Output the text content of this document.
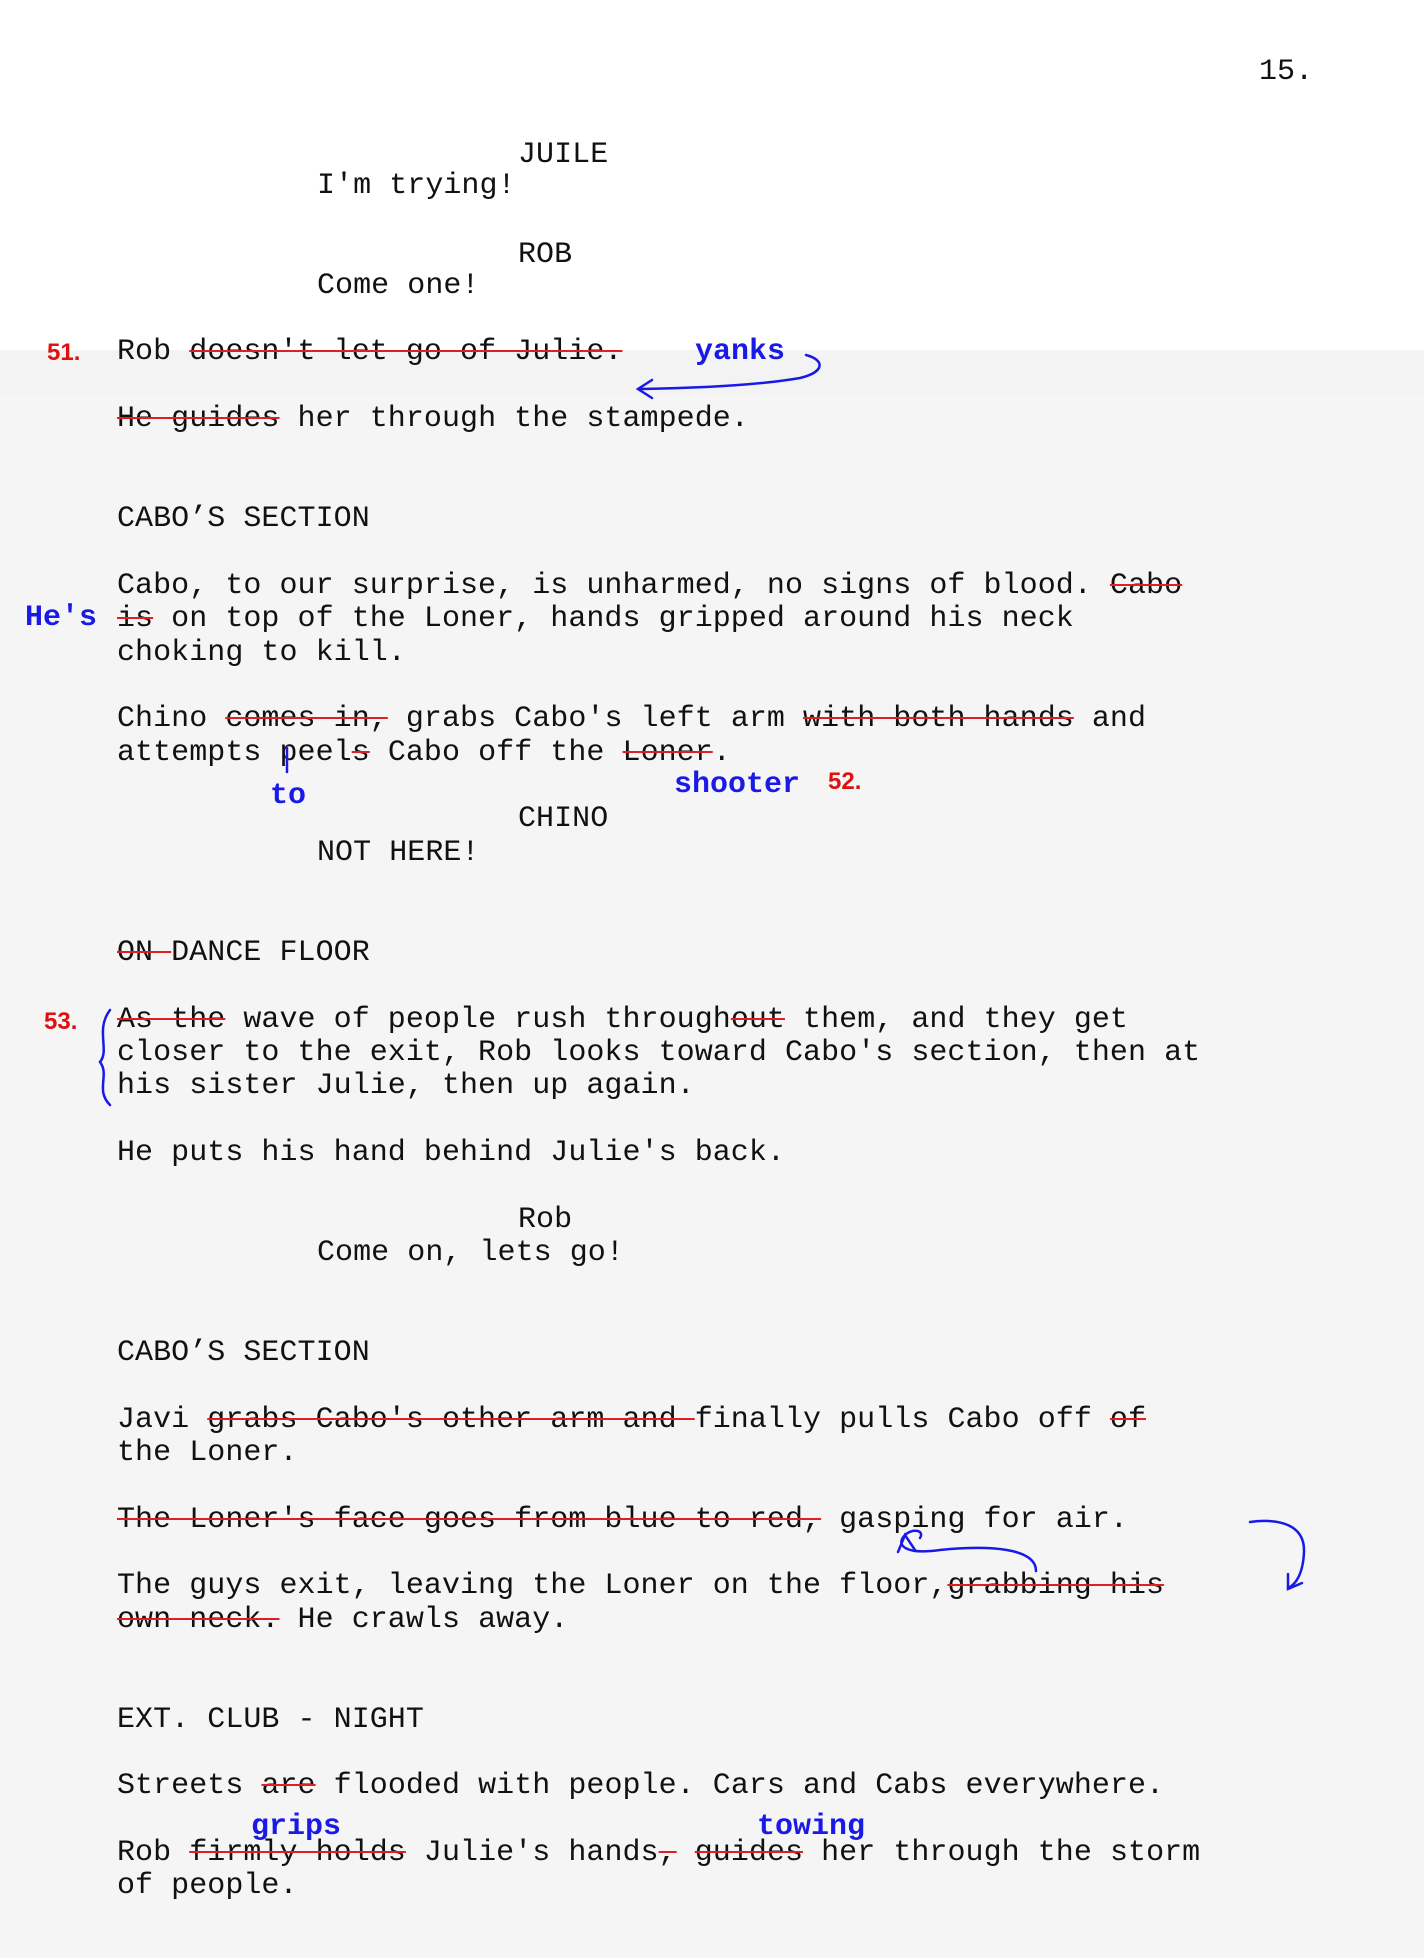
15.
JUILE
I'm trying!
ROB
Come one!
Rob doesn't let go of Julie.
He guides her through the stampede.
CABO’S SECTION
Cabo, to our surprise, is unharmed, no signs of blood. Cabo
is on top of the Loner, hands gripped around his neck
choking to kill.
Chino comes in, grabs Cabo's left arm with both hands and
attempts peels Cabo off the Loner.
CHINO
NOT HERE!
ON DANCE FLOOR
As the wave of people rush throughout them, and they get
closer to the exit, Rob looks toward Cabo's section, then at
his sister Julie, then up again.
He puts his hand behind Julie's back.
Rob
Come on, lets go!
CABO’S SECTION
Javi grabs Cabo's other arm and finally pulls Cabo off of
the Loner.
The Loner's face goes from blue to red, gasping for air.
The guys exit, leaving the Loner on the floor,grabbing his
own neck. He crawls away.
EXT. CLUB - NIGHT
Streets are flooded with people. Cars and Cabs everywhere.
Rob firmly holds Julie's hands, guides her through the storm
of people.
51.
52.
53.
yanks
He's
to	shooter
grips	towing
